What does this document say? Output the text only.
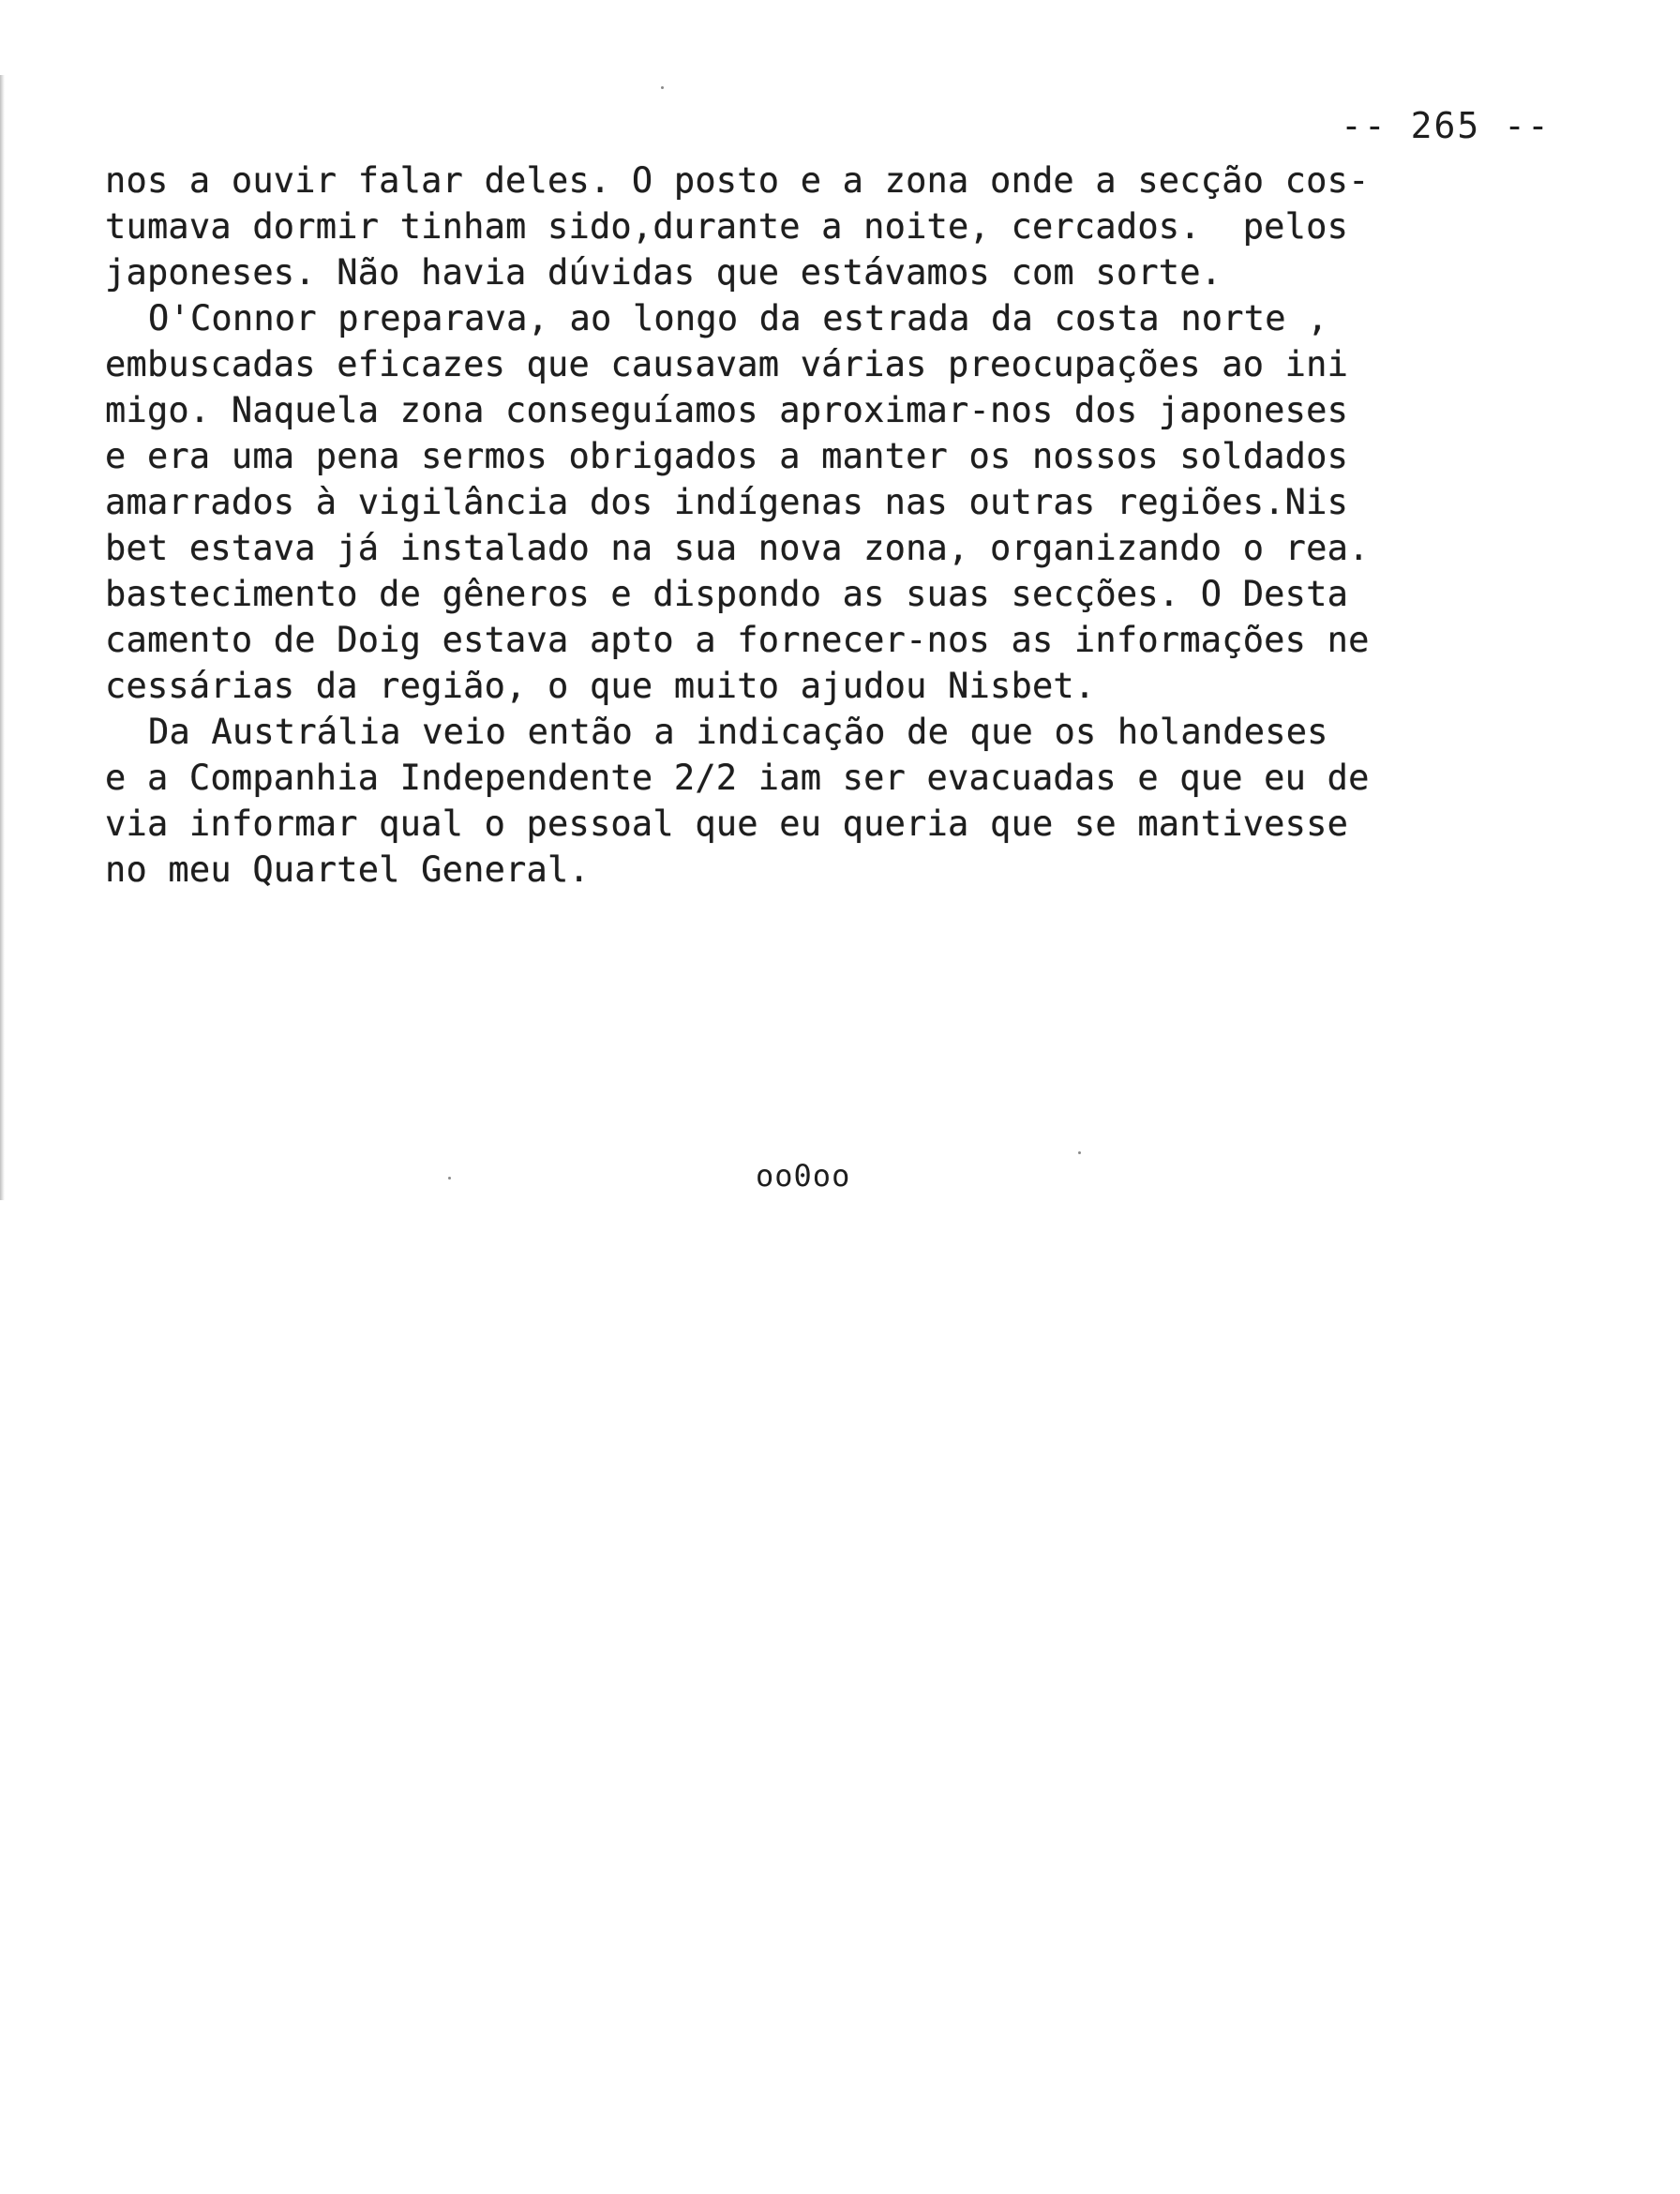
-- 265 --
nos a ouvir falar deles. O posto e a zona onde a secção cos-
tumava dormir tinham sido,durante a noite, cercados.  pelos
japoneses. Não havia dúvidas que estávamos com sorte.
O'Connor preparava, ao longo da estrada da costa norte ,
embuscadas eficazes que causavam várias preocupações ao ini
migo. Naquela zona conseguíamos aproximar-nos dos japoneses
e era uma pena sermos obrigados a manter os nossos soldados
amarrados à vigilância dos indígenas nas outras regiões.Nis
bet estava já instalado na sua nova zona, organizando o rea.
bastecimento de gêneros e dispondo as suas secções. O Desta
camento de Doig estava apto a fornecer-nos as informações ne
cessárias da região, o que muito ajudou Nisbet.
Da Austrália veio então a indicação de que os holandeses
e a Companhia Independente 2/2 iam ser evacuadas e que eu de
via informar qual o pessoal que eu queria que se mantivesse
no meu Quartel General.
oo0oo
